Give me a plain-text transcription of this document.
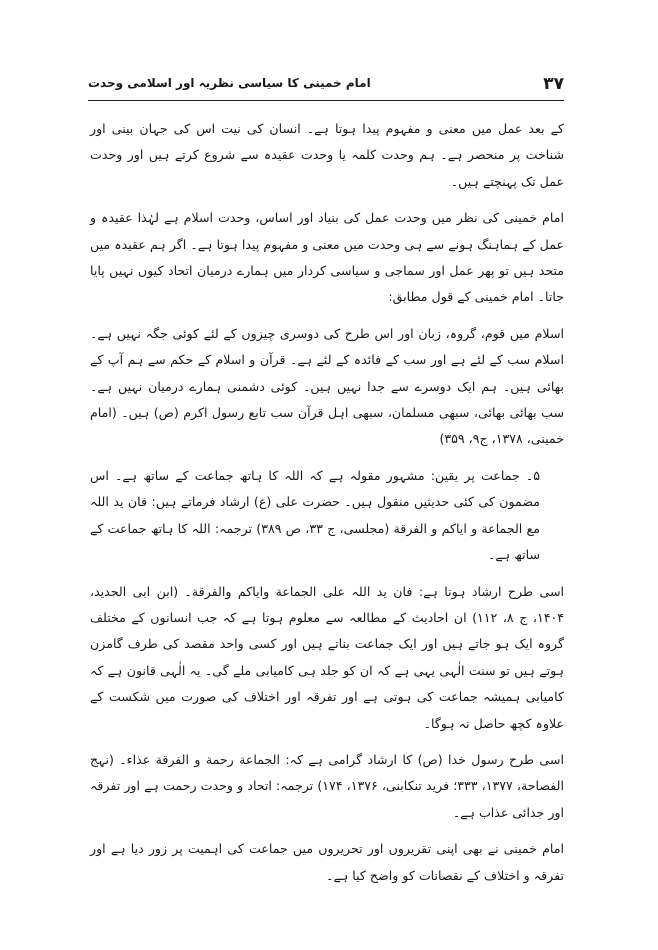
۳۷
امام خمینی کا سیاسی نظریہ اور اسلامی وحدت

کے بعد عمل میں معنی و مفہوم پیدا ہوتا ہے۔ انسان کی نیت اس کی جہان بینی اور شناخت پر منحصر ہے۔ ہم وحدت کلمہ یا وحدت عقیدہ سے شروع کرتے ہیں اور وحدت عمل تک پہنچتے ہیں۔

امام خمینی کی نظر میں وحدت عمل کی بنیاد اور اساس، وحدت اسلام ہے لہٰذا عقیدہ و عمل کے ہماہنگ ہونے سے ہی وحدت میں معنی و مفہوم پیدا ہوتا ہے۔ اگر ہم عقیدہ میں متحد ہیں تو پھر عمل اور سماجی و سیاسی کردار میں ہمارے درمیان اتحاد کیوں نہیں پایا جاتا۔ امام خمینی کے قول مطابق:

اسلام میں قوم، گروہ، زبان اور اس طرح کی دوسری چیزوں کے لئے کوئی جگہ نہیں ہے۔ اسلام سب کے لئے ہے اور سب کے فائدہ کے لئے ہے۔ قرآن و اسلام کے حکم سے ہم آپ کے بھائی ہیں۔ ہم ایک دوسرے سے جدا نہیں ہیں۔ کوئی دشمنی ہمارے درمیان نہیں ہے۔ سب بھائی بھائی، سبھی مسلمان، سبھی اہل قرآن سب تابع رسول اکرم (ص) ہیں۔ (امام خمینی، ۱۳۷۸، ج۹، ۳۵۹)

۵۔ جماعت پر یقین: مشہور مقولہ ہے کہ اللہ کا ہاتھ جماعت کے ساتھ ہے۔ اس مضمون کی کئی حدیثیں منقول ہیں۔ حضرت علی (ع) ارشاد فرماتے ہیں: فان ید اللہ مع الجماعة و ایاکم و الفرقة (مجلسی، ج ۳۳، ص ۳۸۹) ترجمہ: اللہ کا ہاتھ جماعت کے ساتھ ہے۔

اسی طرح ارشاد ہوتا ہے: فان ید اللہ علی الجماعة وایاکم والفرقة۔ (ابن ابی الحدید، ۱۴۰۴، ج ۸، ۱۱۲) ان احادیث کے مطالعہ سے معلوم ہوتا ہے کہ جب انسانوں کے مختلف گروہ ایک ہو جاتے ہیں اور ایک جماعت بناتے ہیں اور کسی واحد مقصد کی طرف گامزن ہوتے ہیں تو سنت الٰہی یہی ہے کہ ان کو جلد ہی کامیابی ملے گی۔ یہ الٰہی قانون ہے کہ کامیابی ہمیشہ جماعت کی ہوتی ہے اور تفرقہ اور اختلاف کی صورت میں شکست کے علاوہ کچھ حاصل نہ ہوگا۔

اسی طرح رسول خدا (ص) کا ارشاد گرامی ہے کہ: الجماعة رحمة و الفرقة عذاء۔ (نہج الفصاحة، ۱۳۷۷، ۳۳۳؛ فرید تنکابنی، ۱۳۷۶، ۱۷۴) ترجمہ: اتحاد و وحدت رحمت ہے اور تفرقہ اور جدائی عذاب ہے۔

امام خمینی نے بھی اپنی تقریروں اور تحریروں میں جماعت کی اہمیت پر زور دیا ہے اور تفرقہ و اختلاف کے نقصانات کو واضح کیا ہے۔
